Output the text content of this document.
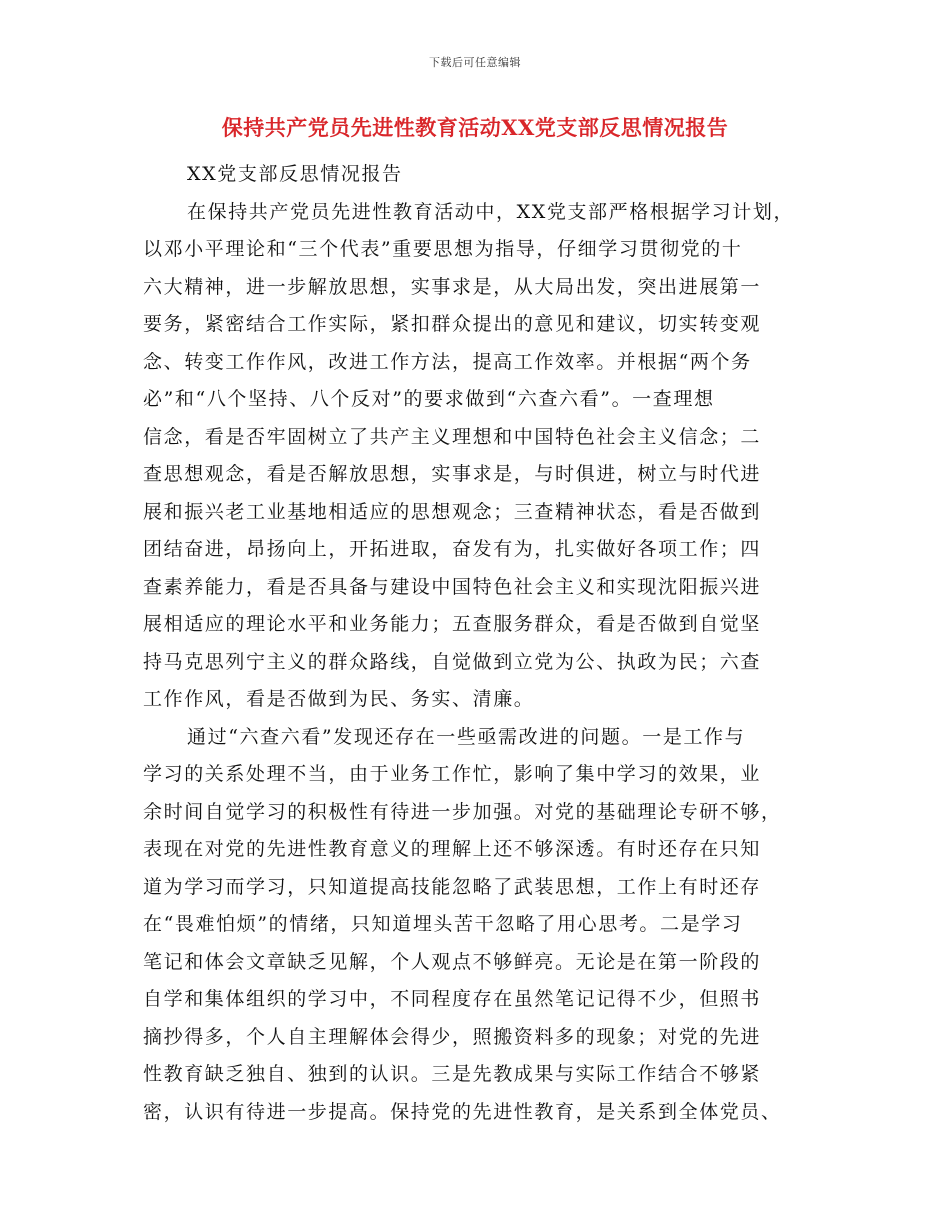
下载后可任意编辑
保持共产党员先进性教育活动XX党支部反思情况报告

XX党支部反思情况报告

在保持共产党员先进性教育活动中，XX党支部严格根据学习计划，
以邓小平理论和“三个代表”重要思想为指导，仔细学习贯彻党的十
六大精神，进一步解放思想，实事求是，从大局出发，突出进展第一
要务，紧密结合工作实际，紧扣群众提出的意见和建议，切实转变观
念、转变工作作风，改进工作方法，提高工作效率。并根据“两个务
必”和“八个坚持、八个反对”的要求做到“六查六看”。一查理想
信念，看是否牢固树立了共产主义理想和中国特色社会主义信念；二
查思想观念，看是否解放思想，实事求是，与时俱进，树立与时代进
展和振兴老工业基地相适应的思想观念；三查精神状态，看是否做到
团结奋进，昂扬向上，开拓进取，奋发有为，扎实做好各项工作；四
查素养能力，看是否具备与建设中国特色社会主义和实现沈阳振兴进
展相适应的理论水平和业务能力；五查服务群众，看是否做到自觉坚
持马克思列宁主义的群众路线，自觉做到立党为公、执政为民；六查
工作作风，看是否做到为民、务实、清廉。
通过“六查六看”发现还存在一些亟需改进的问题。一是工作与
学习的关系处理不当，由于业务工作忙，影响了集中学习的效果，业
余时间自觉学习的积极性有待进一步加强。对党的基础理论专研不够，
表现在对党的先进性教育意义的理解上还不够深透。有时还存在只知
道为学习而学习，只知道提高技能忽略了武装思想，工作上有时还存
在“畏难怕烦”的情绪，只知道埋头苦干忽略了用心思考。二是学习
笔记和体会文章缺乏见解，个人观点不够鲜亮。无论是在第一阶段的
自学和集体组织的学习中，不同程度存在虽然笔记记得不少，但照书
摘抄得多，个人自主理解体会得少，照搬资料多的现象；对党的先进
性教育缺乏独自、独到的认识。三是先教成果与实际工作结合不够紧
密，认识有待进一步提高。保持党的先进性教育，是关系到全体党员、
